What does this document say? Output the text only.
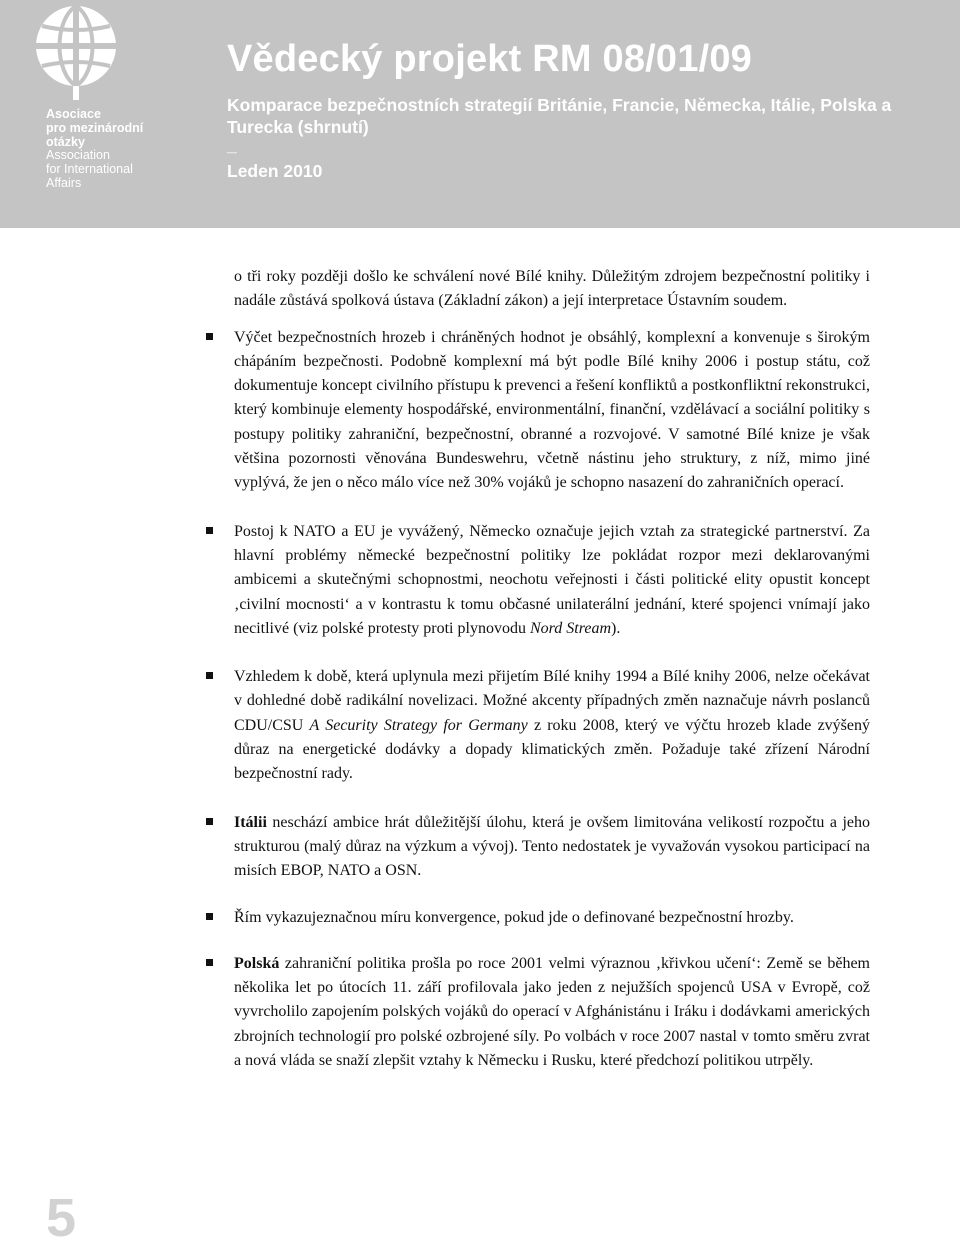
Asociace
pro mezinárodní
otázky
Association
for International
Affairs
Vědecký projekt RM 08/01/09
Komparace bezpečnostních strategií Británie, Francie, Německa, Itálie, Polska a Turecka (shrnutí)
_
Leden 2010

o tři roky později došlo ke schválení nové Bílé knihy. Důležitým zdrojem bezpečnostní politiky i nadále zůstává spolková ústava (Základní zákon) a její interpretace Ústavním soudem.

Výčet bezpečnostních hrozeb i chráněných hodnot je obsáhlý, komplexní a konvenuje s širokým chápáním bezpečnosti. Podobně komplexní má být podle Bílé knihy 2006 i postup státu, což dokumentuje koncept civilního přístupu k prevenci a řešení konfliktů a postkonfliktní rekonstrukci, který kombinuje elementy hospodářské, environmentální, finanční, vzdělávací a sociální politiky s postupy politiky zahraniční, bezpečnostní, obranné a rozvojové. V samotné Bílé knize je však většina pozornosti věnována Bundeswehru, včetně nástinu jeho struktury, z níž, mimo jiné vyplývá, že jen o něco málo více než 30% vojáků je schopno nasazení do zahraničních operací.

Postoj k NATO a EU je vyvážený, Německo označuje jejich vztah za strategické partnerství. Za hlavní problémy německé bezpečnostní politiky lze pokládat rozpor mezi deklarovanými ambicemi a skutečnými schopnostmi, neochotu veřejnosti i části politické elity opustit koncept ‚civilní mocnosti‘ a v kontrastu k tomu občasné unilaterální jednání, které spojenci vnímají jako necitlivé (viz polské protesty proti plynovodu Nord Stream).

Vzhledem k době, která uplynula mezi přijetím Bílé knihy 1994 a Bílé knihy 2006, nelze očekávat v dohledné době radikální novelizaci. Možné akcenty případných změn naznačuje návrh poslanců CDU/CSU A Security Strategy for Germany z roku 2008, který ve výčtu hrozeb klade zvýšený důraz na energetické dodávky a dopady klimatických změn. Požaduje také zřízení Národní bezpečnostní rady.

Itálii neschází ambice hrát důležitější úlohu, která je ovšem limitována velikostí rozpočtu a jeho strukturou (malý důraz na výzkum a vývoj). Tento nedostatek je vyvažován vysokou participací na misích EBOP, NATO a OSN.

Řím vykazujeznačnou míru konvergence, pokud jde o definované bezpečnostní hrozby.

Polská zahraniční politika prošla po roce 2001 velmi výraznou ‚křivkou učení‘: Země se během několika let po útocích 11. září profilovala jako jeden z nejužších spojenců USA v Evropě, což vyvrcholilo zapojením polských vojáků do operací v Afghánistánu i Iráku i dodávkami amerických zbrojních technologií pro polské ozbrojené síly. Po volbách v roce 2007 nastal v tomto směru zvrat a nová vláda se snaží zlepšit vztahy k Německu i Rusku, které předchozí politikou utrpěly.

5
